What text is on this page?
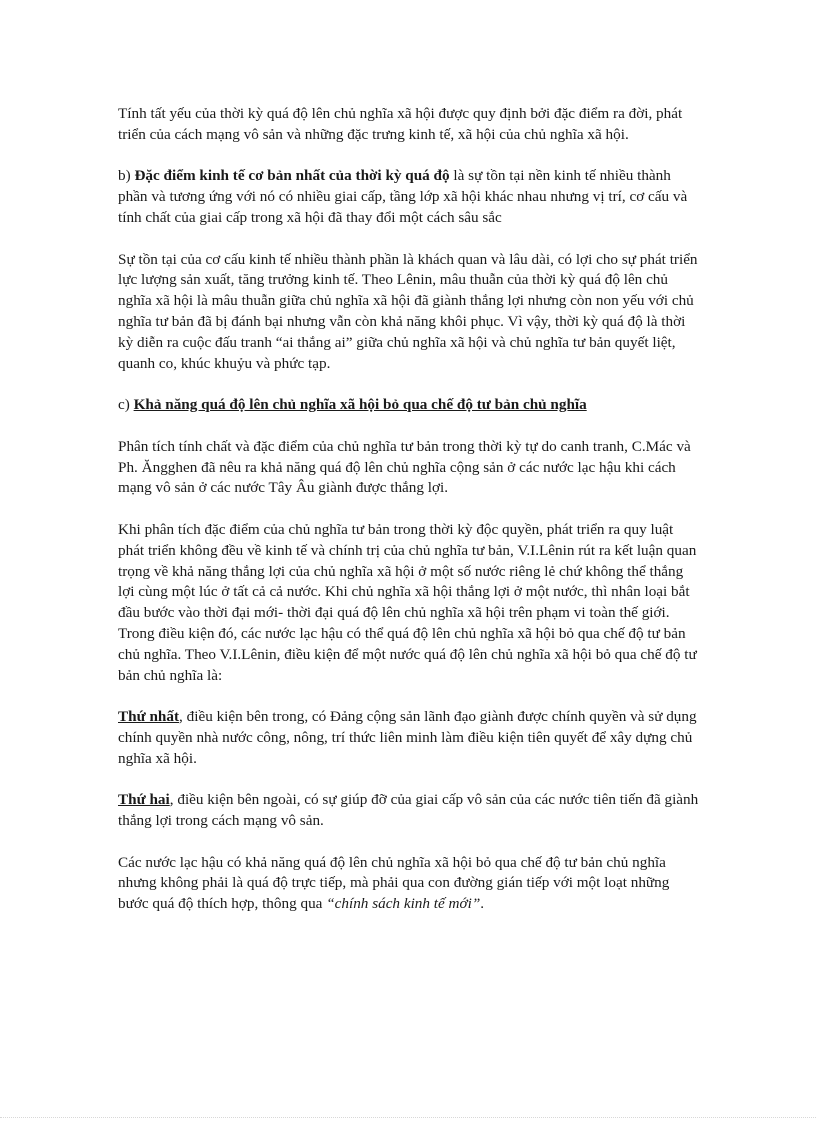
Tính tất yếu của thời kỳ quá độ lên chủ nghĩa xã hội được quy định bởi đặc điểm ra đời, phát triển của cách mạng vô sản và những đặc trưng kinh tế, xã hội của chủ nghĩa xã hội.

b) Đặc điểm kinh tế cơ bản nhất của thời kỳ quá độ là sự tồn tại nền kinh tế nhiều thành phần và tương ứng với nó có nhiều giai cấp, tầng lớp xã hội khác nhau nhưng vị trí, cơ cấu và tính chất của giai cấp trong xã hội đã thay đổi một cách sâu sắc

Sự tồn tại của cơ cấu kinh tế nhiều thành phần là khách quan và lâu dài, có lợi cho sự phát triển lực lượng sản xuất, tăng trưởng kinh tế. Theo Lênin, mâu thuẫn của thời kỳ quá độ lên chủ nghĩa xã hội là mâu thuẫn giữa chủ nghĩa xã hội đã giành thắng lợi nhưng còn non yếu với chủ nghĩa tư bản đã bị đánh bại nhưng vẫn còn khả năng khôi phục. Vì vậy, thời kỳ quá độ là thời kỳ diễn ra cuộc đấu tranh “ai thắng ai” giữa chủ nghĩa xã hội và chủ nghĩa tư bản quyết liệt, quanh co, khúc khuỷu và phức tạp.

c) Khả năng quá độ lên chủ nghĩa xã hội bỏ qua chế độ tư bản chủ nghĩa

Phân tích tính chất và đặc điểm của chủ nghĩa tư bản trong thời kỳ tự do canh tranh, C.Mác và Ph. Ăngghen đã nêu ra khả năng quá độ lên chủ nghĩa cộng sản ở các nước lạc hậu khi cách mạng vô sản ở các nước Tây Âu giành được thắng lợi.

Khi phân tích đặc điểm của chủ nghĩa tư bản trong thời kỳ độc quyền, phát triển ra quy luật phát triển không đều về kinh tế và chính trị của chủ nghĩa tư bản, V.I.Lênin rút ra kết luận quan trọng về khả năng thắng lợi của chủ nghĩa xã hội ở một số nước riêng lẻ chứ không thể thắng lợi cùng một lúc ở tất cả cả nước. Khi chủ nghĩa xã hội thắng lợi ở một nước, thì nhân loại bắt đầu bước vào thời đại mới- thời đại quá độ lên chủ nghĩa xã hội trên phạm vi toàn thế giới. Trong điều kiện đó, các nước lạc hậu có thể quá độ lên chủ nghĩa xã hội bỏ qua chế độ tư bản chủ nghĩa. Theo V.I.Lênin, điều kiện để một nước quá độ lên chủ nghĩa xã hội bỏ qua chế độ tư bản chủ nghĩa là:

Thứ nhất, điều kiện bên trong, có Đảng cộng sản lãnh đạo giành được chính quyền và sử dụng chính quyền nhà nước công, nông, trí thức liên minh làm điều kiện tiên quyết để xây dựng chủ nghĩa xã hội.

Thứ hai, điều kiện bên ngoài, có sự giúp đỡ của giai cấp vô sản của các nước tiên tiến đã giành thắng lợi trong cách mạng vô sản.

Các nước lạc hậu có khả năng quá độ lên chủ nghĩa xã hội bỏ qua chế độ tư bản chủ nghĩa nhưng không phải là quá độ trực tiếp, mà phải qua con đường gián tiếp với một loạt những bước quá độ thích hợp, thông qua “chính sách kinh tế mới”.
